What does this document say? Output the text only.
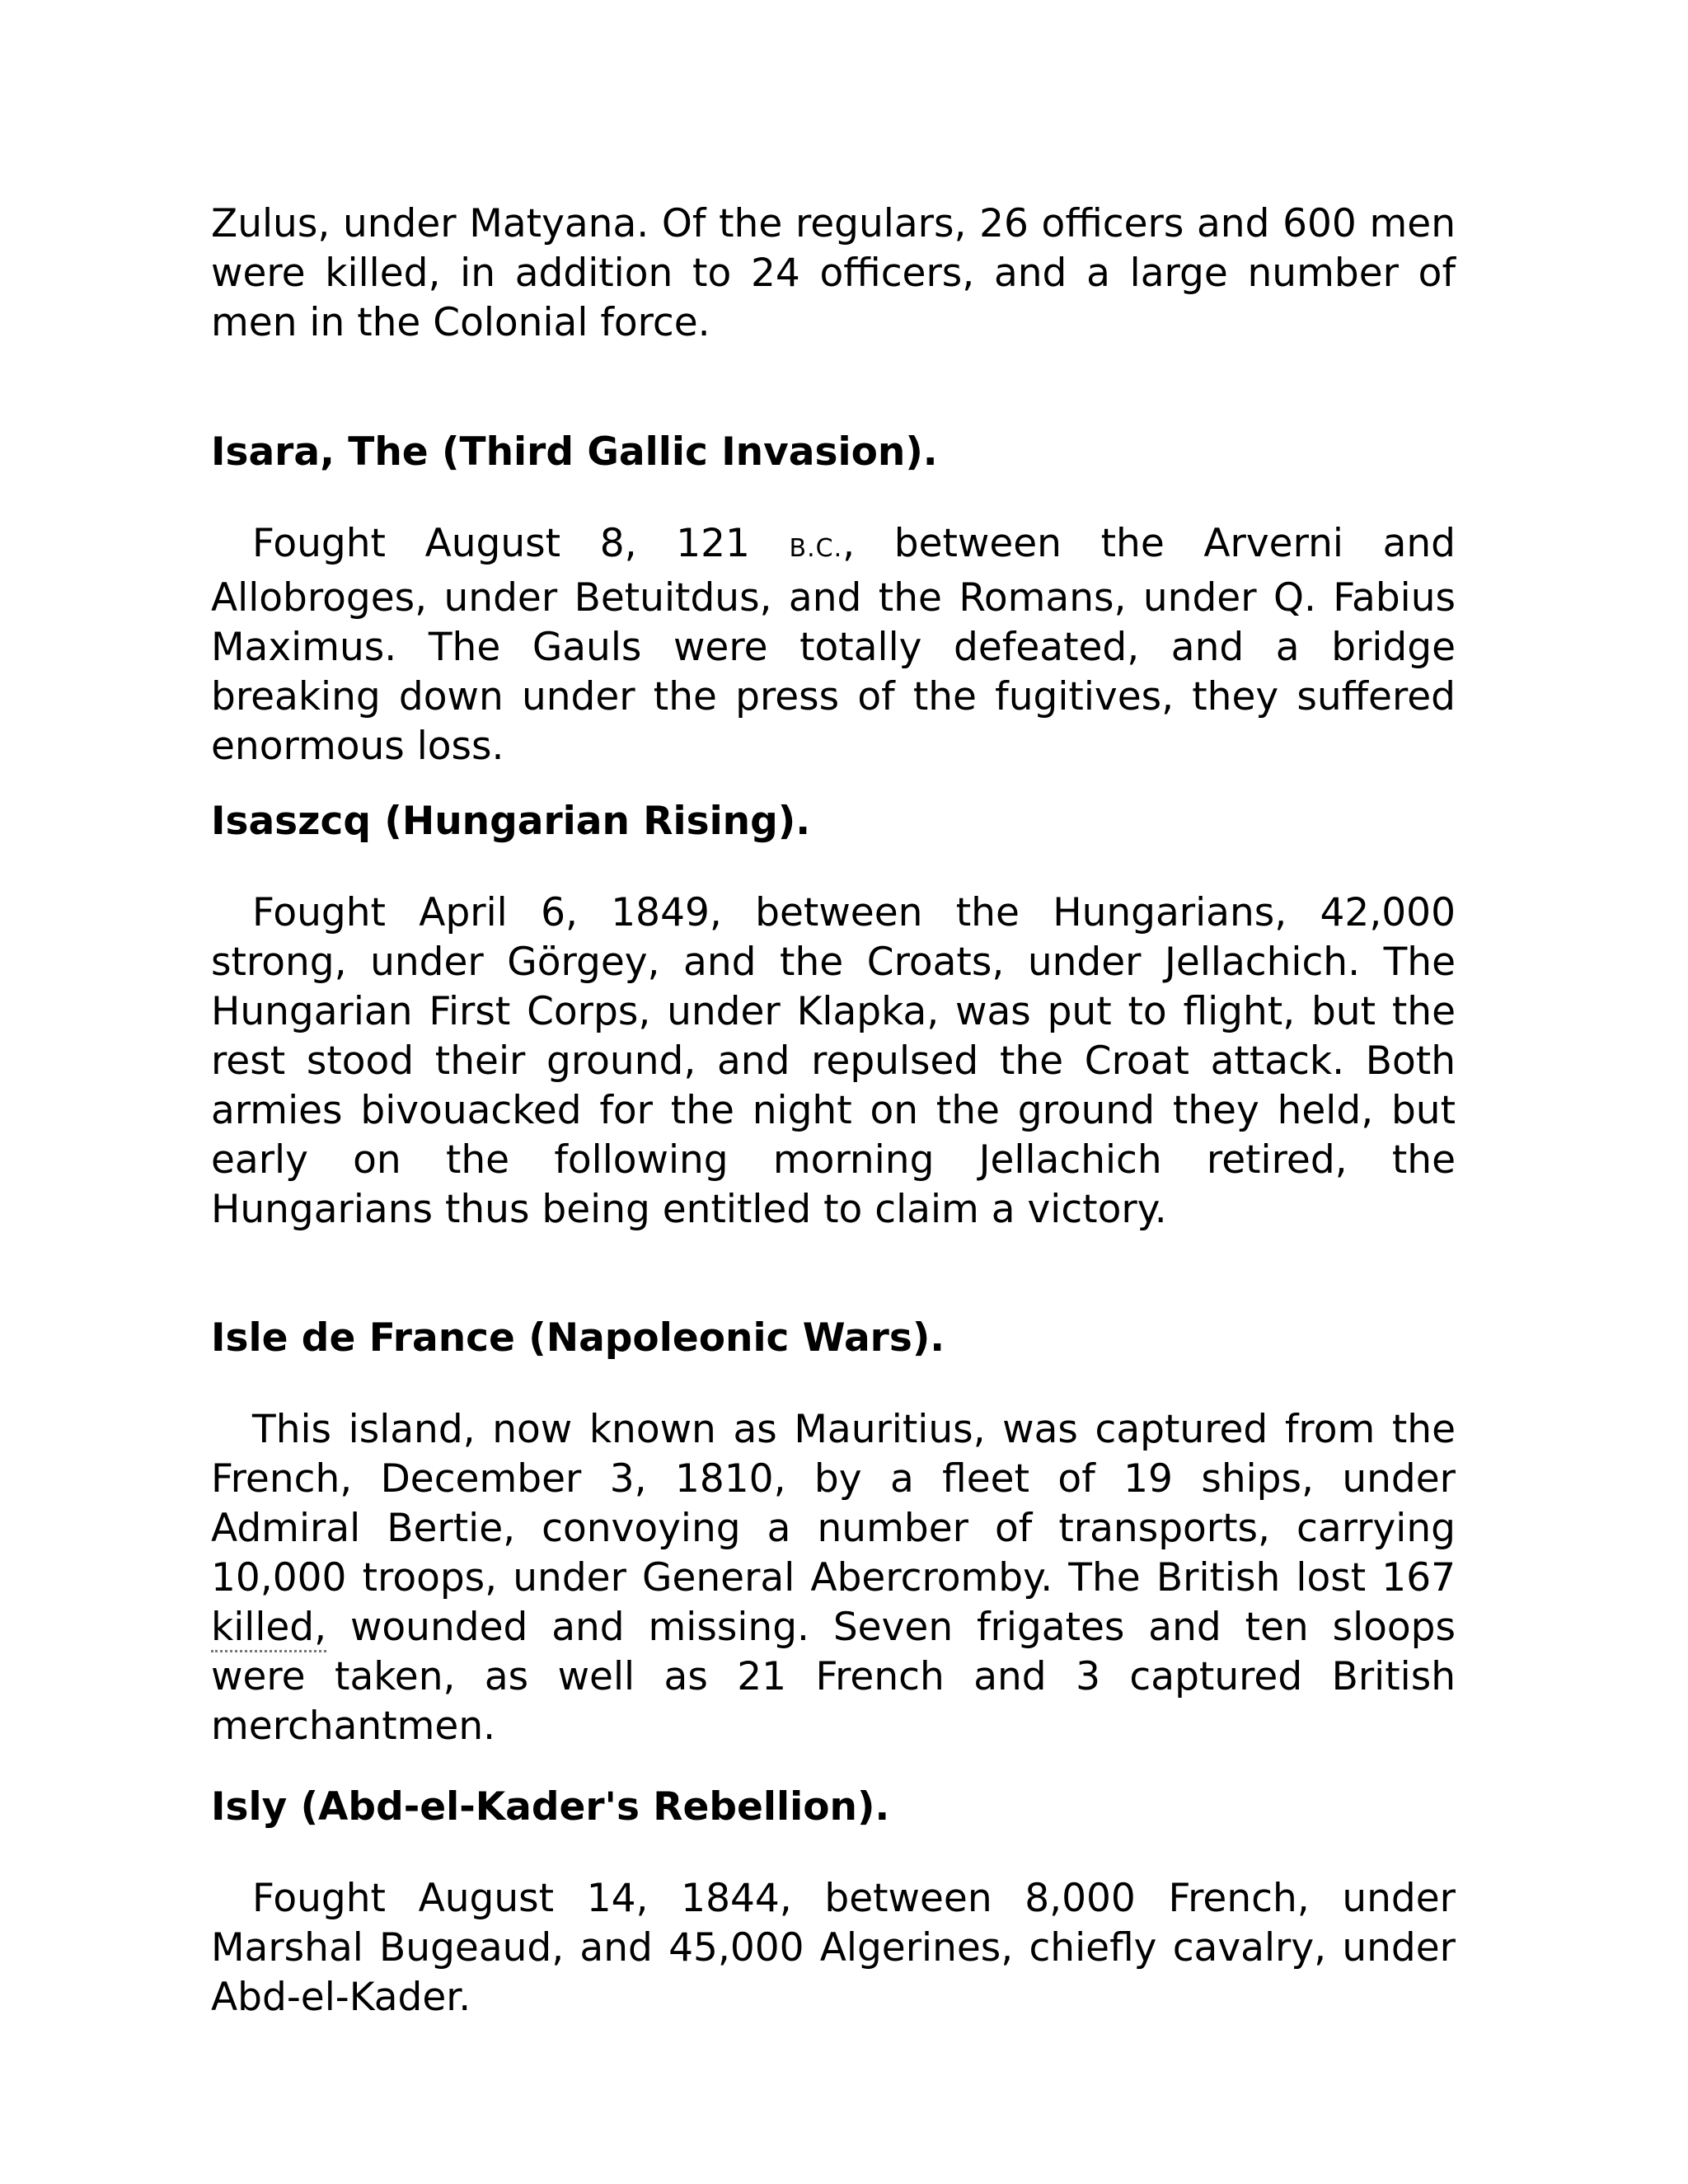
Zulus, under Matyana. Of the regulars, 26 officers and 600 men were killed, in addition to 24 officers, and a large number of men in the Colonial force.

Isara, The (Third Gallic Invasion).

Fought August 8, 121 B.C., between the Arverni and Allobroges, under Betuitdus, and the Romans, under Q. Fabius Maximus. The Gauls were totally defeated, and a bridge breaking down under the press of the fugitives, they suffered enormous loss.

Isaszcq (Hungarian Rising).

Fought April 6, 1849, between the Hungarians, 42,000 strong, under Görgey, and the Croats, under Jellachich. The Hungarian First Corps, under Klapka, was put to flight, but the rest stood their ground, and repulsed the Croat attack. Both armies bivouacked for the night on the ground they held, but early on the following morning Jellachich retired, the Hungarians thus being entitled to claim a victory.

Isle de France (Napoleonic Wars).

This island, now known as Mauritius, was captured from the French, December 3, 1810, by a fleet of 19 ships, under Admiral Bertie, convoying a number of transports, carrying 10,000 troops, under General Abercromby. The British lost 167 killed, wounded and missing. Seven frigates and ten sloops were taken, as well as 21 French and 3 captured British merchantmen.

Isly (Abd-el-Kader's Rebellion).

Fought August 14, 1844, between 8,000 French, under Marshal Bugeaud, and 45,000 Algerines, chiefly cavalry, under Abd-el-Kader.
